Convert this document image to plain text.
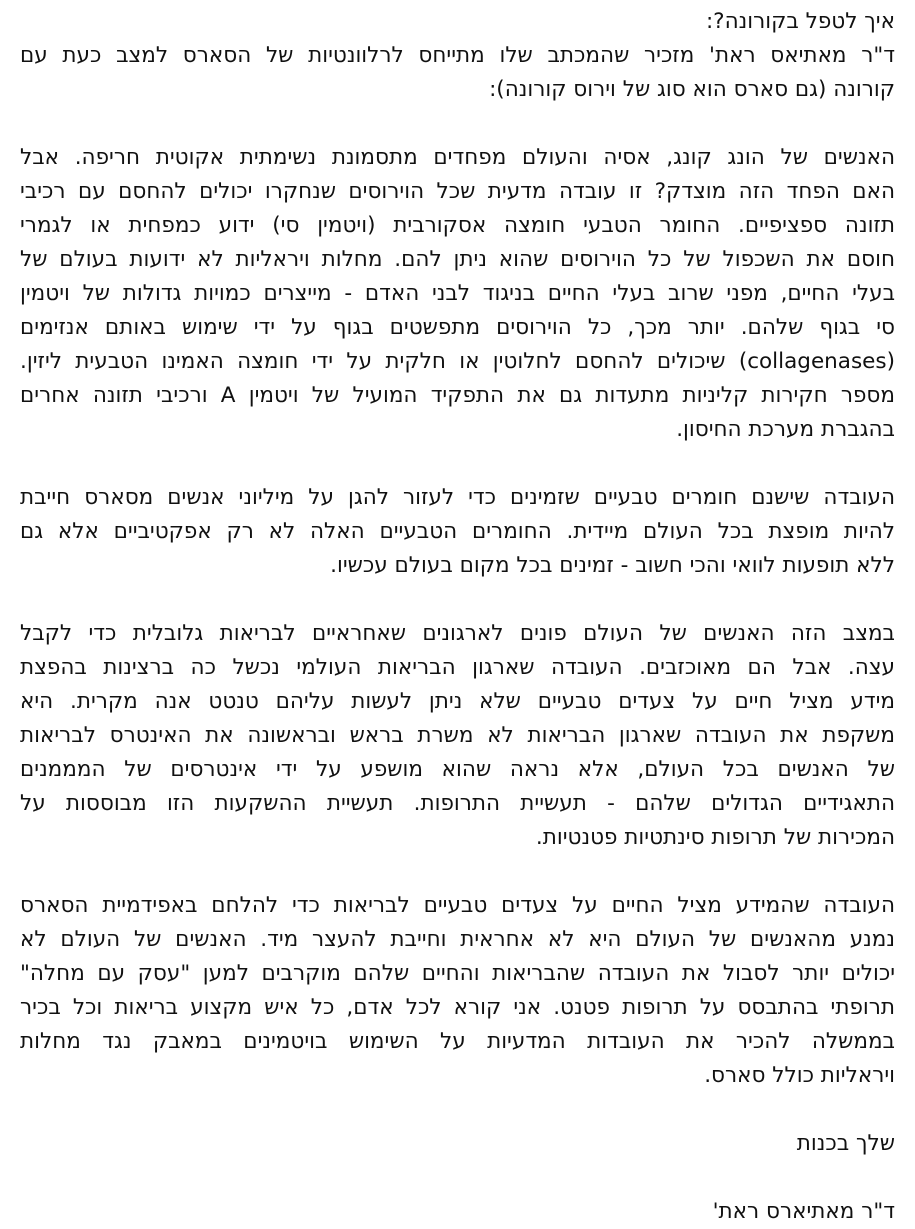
איך לטפל בקורונה?:
ד"ר מאתיאס ראת' מזכיר שהמכתב שלו מתייחס לרלוונטיות של הסארס למצב כעת עם
קורונה (גם סארס הוא סוג של וירוס קורונה):
האנשים של הונג קונג, אסיה והעולם מפחדים מתסמונת נשימתית אקוטית חריפה. אבל
האם הפחד הזה מוצדק? זו עובדה מדעית שכל הוירוסים שנחקרו יכולים להחסם עם רכיבי
תזונה ספציפיים. החומר הטבעי חומצה אסקורבית (ויטמין סי) ידוע כמפחית או לגמרי
חוסם את השכפול של כל הוירוסים שהוא ניתן להם. מחלות ויראליות לא ידועות בעולם של
בעלי החיים, מפני שרוב בעלי החיים בניגוד לבני האדם - מייצרים כמויות גדולות של ויטמין
סי בגוף שלהם. יותר מכך, כל הוירוסים מתפשטים בגוף על ידי שימוש באותם אנזימים
(collagenases) שיכולים להחסם לחלוטין או חלקית על ידי חומצה האמינו הטבעית ליזין.
מספר חקירות קליניות מתעדות גם את התפקיד המועיל של ויטמין A ורכיבי תזונה אחרים
בהגברת מערכת החיסון.
העובדה שישנם חומרים טבעיים שזמינים כדי לעזור להגן על מיליוני אנשים מסארס חייבת
להיות מופצת בכל העולם מיידית. החומרים הטבעיים האלה לא רק אפקטיביים אלא גם
ללא תופעות לוואי והכי חשוב - זמינים בכל מקום בעולם עכשיו.
במצב הזה האנשים של העולם פונים לארגונים שאחראיים לבריאות גלובלית כדי לקבל
עצה. אבל הם מאוכזבים. העובדה שארגון הבריאות העולמי נכשל כה ברצינות בהפצת
מידע מציל חיים על צעדים טבעיים שלא ניתן לעשות עליהם טנטט אנה מקרית. היא
משקפת את העובדה שארגון הבריאות לא משרת בראש ובראשונה את האינטרס לבריאות
של האנשים בכל העולם, אלא נראה שהוא מושפע על ידי אינטרסים של המממנים
התאגידיים הגדולים שלהם - תעשיית התרופות. תעשיית ההשקעות הזו מבוססות על
המכירות של תרופות סינתטיות פטנטיות.
העובדה שהמידע מציל החיים על צעדים טבעיים לבריאות כדי להלחם באפידמיית הסארס
נמנע מהאנשים של העולם היא לא אחראית וחייבת להעצר מיד. האנשים של העולם לא
יכולים יותר לסבול את העובדה שהבריאות והחיים שלהם מוקרבים למען "עסק עם מחלה"
תרופתי בהתבסס על תרופות פטנט. אני קורא לכל אדם, כל איש מקצוע בריאות וכל בכיר
בממשלה להכיר את העובדות המדעיות על השימוש בויטמינים במאבק נגד מחלות
ויראליות כולל סארס.
שלך בכנות
ד"ר מאתיארס ראת'
